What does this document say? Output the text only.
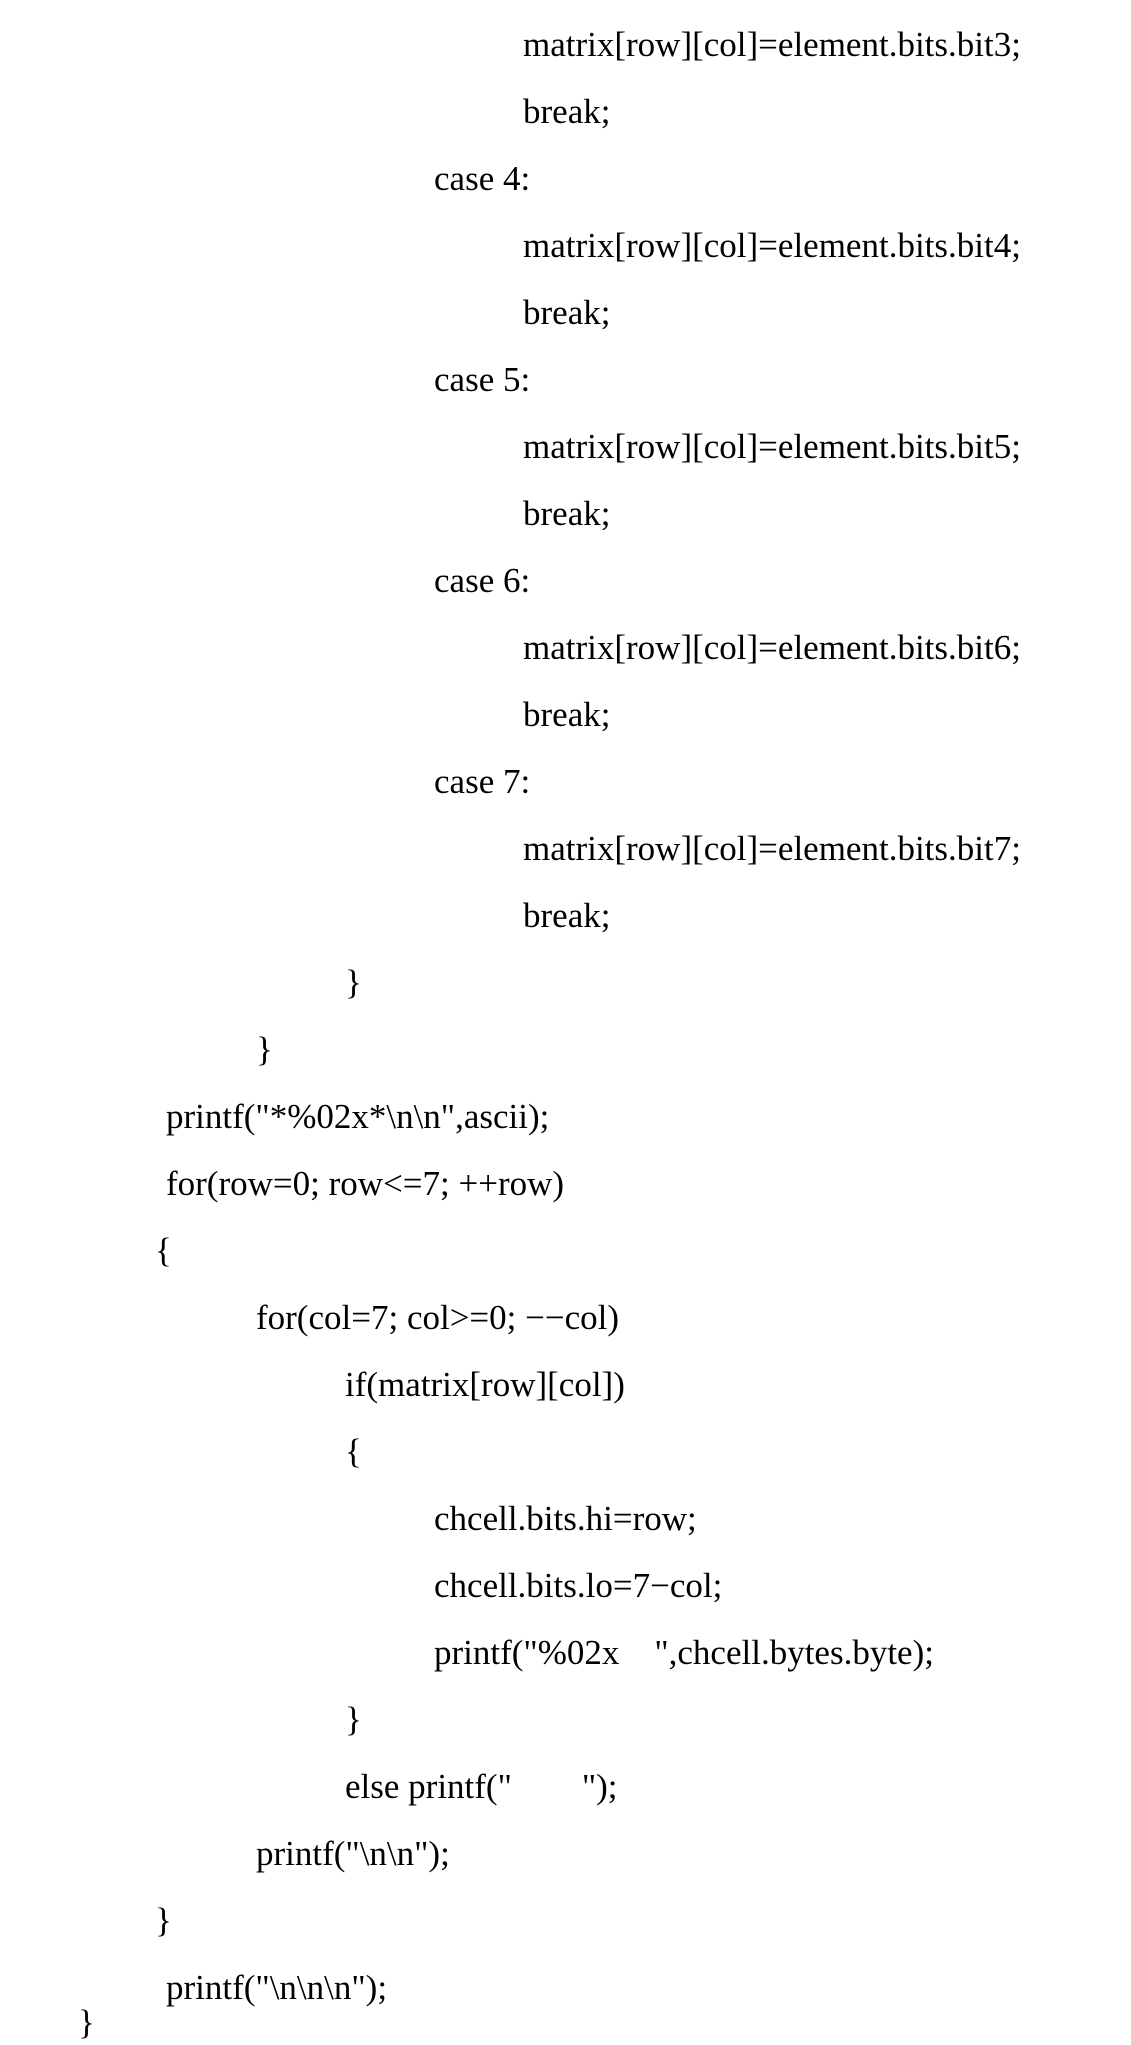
matrix[row][col]=element.bits.bit3;
break;
case 4:
matrix[row][col]=element.bits.bit4;
break;
case 5:
matrix[row][col]=element.bits.bit5;
break;
case 6:
matrix[row][col]=element.bits.bit6;
break;
case 7:
matrix[row][col]=element.bits.bit7;
break;
}
}
printf("*%02x*\n\n",ascii);
for(row=0; row<=7; ++row)
{
for(col=7; col>=0; −−col)
if(matrix[row][col])
{
chcell.bits.hi=row;
chcell.bits.lo=7−col;
printf("%02x    ",chcell.bytes.byte);
}
else printf("        ");
printf("\n\n");
}
printf("\n\n\n");
}
